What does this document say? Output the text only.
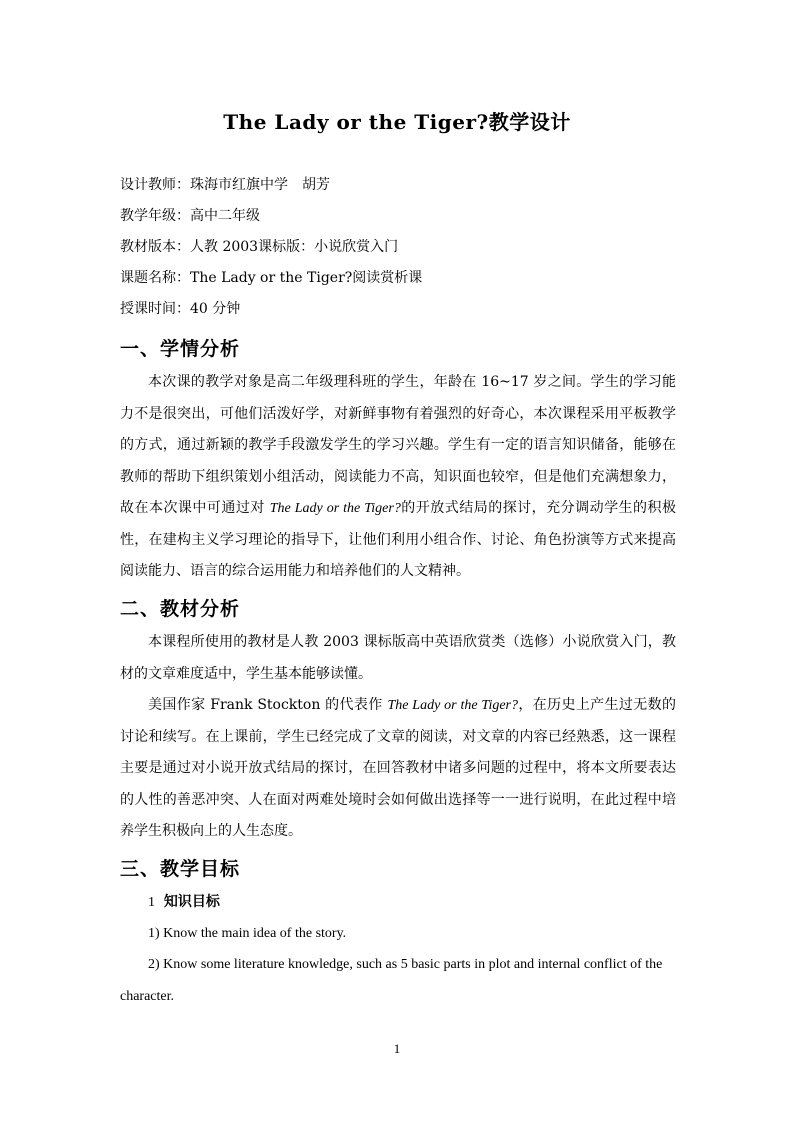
The Lady or the Tiger?教学设计
设计教师：珠海市红旗中学　胡芳
教学年级：高中二年级
教材版本：人教 2003课标版：小说欣赏入门
课题名称：The Lady or the Tiger?阅读赏析课
授课时间：40 分钟
一、学情分析

本次课的教学对象是高二年级理科班的学生，年龄在 16~17 岁之间。学生的学习能力不是很突出，可他们活泼好学，对新鲜事物有着强烈的好奇心，本次课程采用平板教学的方式，通过新颖的教学手段激发学生的学习兴趣。学生有一定的语言知识储备，能够在教师的帮助下组织策划小组活动，阅读能力不高，知识面也较窄，但是他们充满想象力，故在本次课中可通过对 The Lady or the Tiger?的开放式结局的探讨，充分调动学生的积极性，在建构主义学习理论的指导下，让他们利用小组合作、讨论、角色扮演等方式来提高阅读能力、语言的综合运用能力和培养他们的人文精神。

二、教材分析

本课程所使用的教材是人教 2003 课标版高中英语欣赏类（选修）小说欣赏入门，教材的文章难度适中，学生基本能够读懂。

美国作家 Frank Stockton 的代表作 The Lady or the Tiger?，在历史上产生过无数的讨论和续写。在上课前，学生已经完成了文章的阅读，对文章的内容已经熟悉，这一课程主要是通过对小说开放式结局的探讨，在回答教材中诸多问题的过程中，将本文所要表达的人性的善恶冲突、人在面对两难处境时会如何做出选择等一一进行说明，在此过程中培养学生积极向上的人生态度。

三、教学目标
1 知识目标
1) Know the main idea of the story.

2) Know some literature knowledge, such as 5 basic parts in plot and internal conflict of the character.

1
